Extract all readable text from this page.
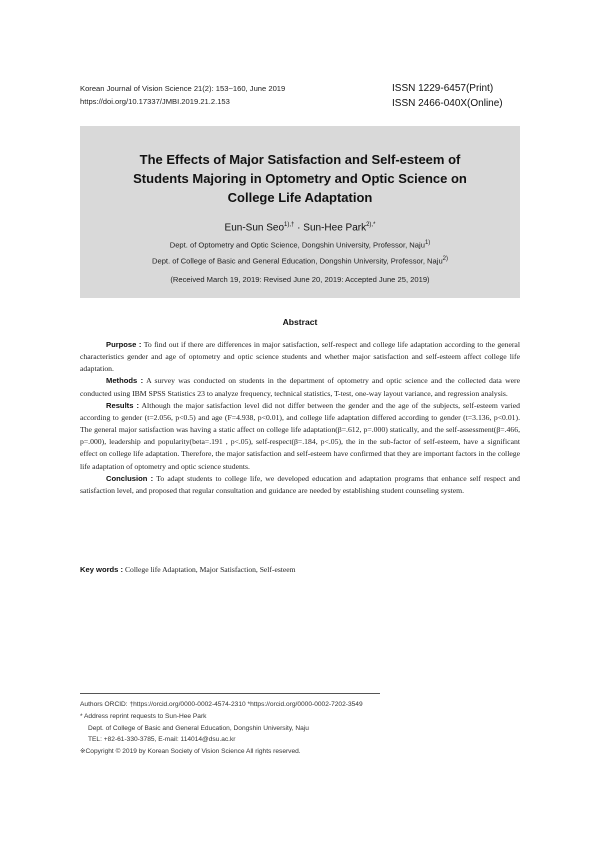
Korean Journal of Vision Science 21(2): 153~160, June 2019
https://doi.org/10.17337/JMBI.2019.21.2.153
ISSN 1229-6457(Print)
ISSN 2466-040X(Online)
The Effects of Major Satisfaction and Self-esteem of
Students Majoring in Optometry and Optic Science on
College Life Adaptation
Eun-Sun Seo$^{1),\dagger}$ · Sun-Hee Park$^{2),*}$
Dept. of Optometry and Optic Science, Dongshin University, Professor, Naju$^{1)}$
Dept. of College of Basic and General Education, Dongshin University, Professor, Naju$^{2)}$
(Received March 19, 2019: Revised June 20, 2019: Accepted June 25, 2019)
Abstract

Purpose : To find out if there are differences in major satisfaction, self-respect and college life adaptation according to the general characteristics gender and age of optometry and optic science students and whether major satisfaction and self-esteem affect college life adaptation.

Methods : A survey was conducted on students in the department of optometry and optic science and the collected data were conducted using IBM SPSS Statistics 23 to analyze frequency, technical statistics, T-test, one-way layout variance, and regression analysis.

Results : Although the major satisfaction level did not differ between the gender and the age of the subjects, self-esteem varied according to gender (t=2.056, p<0.5) and age (F=4.938, p<0.01), and college life adaptation differed according to gender (t=3.136, p<0.01). The general major satisfaction was having a static affect on college life adaptation(β=.612, p=.000) statically, and the self-assessment(β=.466, p=.000), leadership and popularity(beta=.191 , p<.05), self-respect(β=.184, p<.05), the in the sub-factor of self-esteem, have a significant effect on college life adaptation. Therefore, the major satisfaction and self-esteem have confirmed that they are important factors in the college life adaptation of optometry and optic science students.

Conclusion : To adapt students to college life, we developed education and adaptation programs that enhance self respect and satisfaction level, and proposed that regular consultation and guidance are needed by establishing student counseling system.

Key words : College life Adaptation, Major Satisfaction, Self-esteem
Authors ORCID: †https://orcid.org/0000-0002-4574-2310 *https://orcid.org/0000-0002-7202-3549
* Address reprint requests to Sun-Hee Park
Dept. of College of Basic and General Education, Dongshin University, Naju
TEL: +82-61-330-3785, E-mail: 114014@dsu.ac.kr
※Copyright © 2019 by Korean Society of Vision Science All rights reserved.
